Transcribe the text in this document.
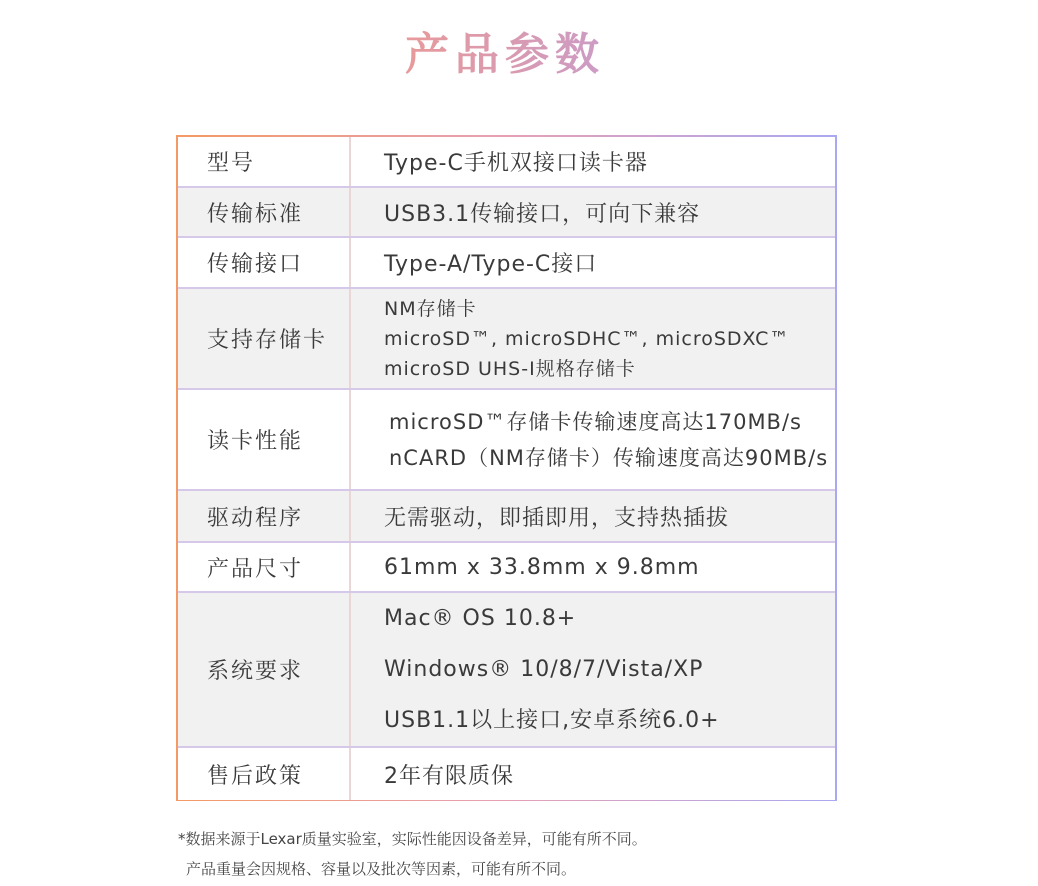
产品参数
型号	Type-C手机双接口读卡器

传输标准	USB3.1传输接口，可向下兼容

传输接口	Type-A/Type-C接口

支持存储卡	NM存储卡
microSD™, microSDHC™, microSDXC™
microSD UHS-I规格存储卡

读卡性能	microSD™存储卡传输速度高达170MB/s
nCARD（NM存储卡）传输速度高达90MB/s

驱动程序	无需驱动，即插即用，支持热插拔

产品尺寸	61mm x 33.8mm x 9.8mm

系统要求	Mac® OS 10.8+
Windows® 10/8/7/Vista/XP
USB1.1以上接口,安卓系统6.0+

售后政策	2年有限质保
*数据来源于Lexar质量实验室，实际性能因设备差异，可能有所不同。
产品重量会因规格、容量以及批次等因素，可能有所不同。
